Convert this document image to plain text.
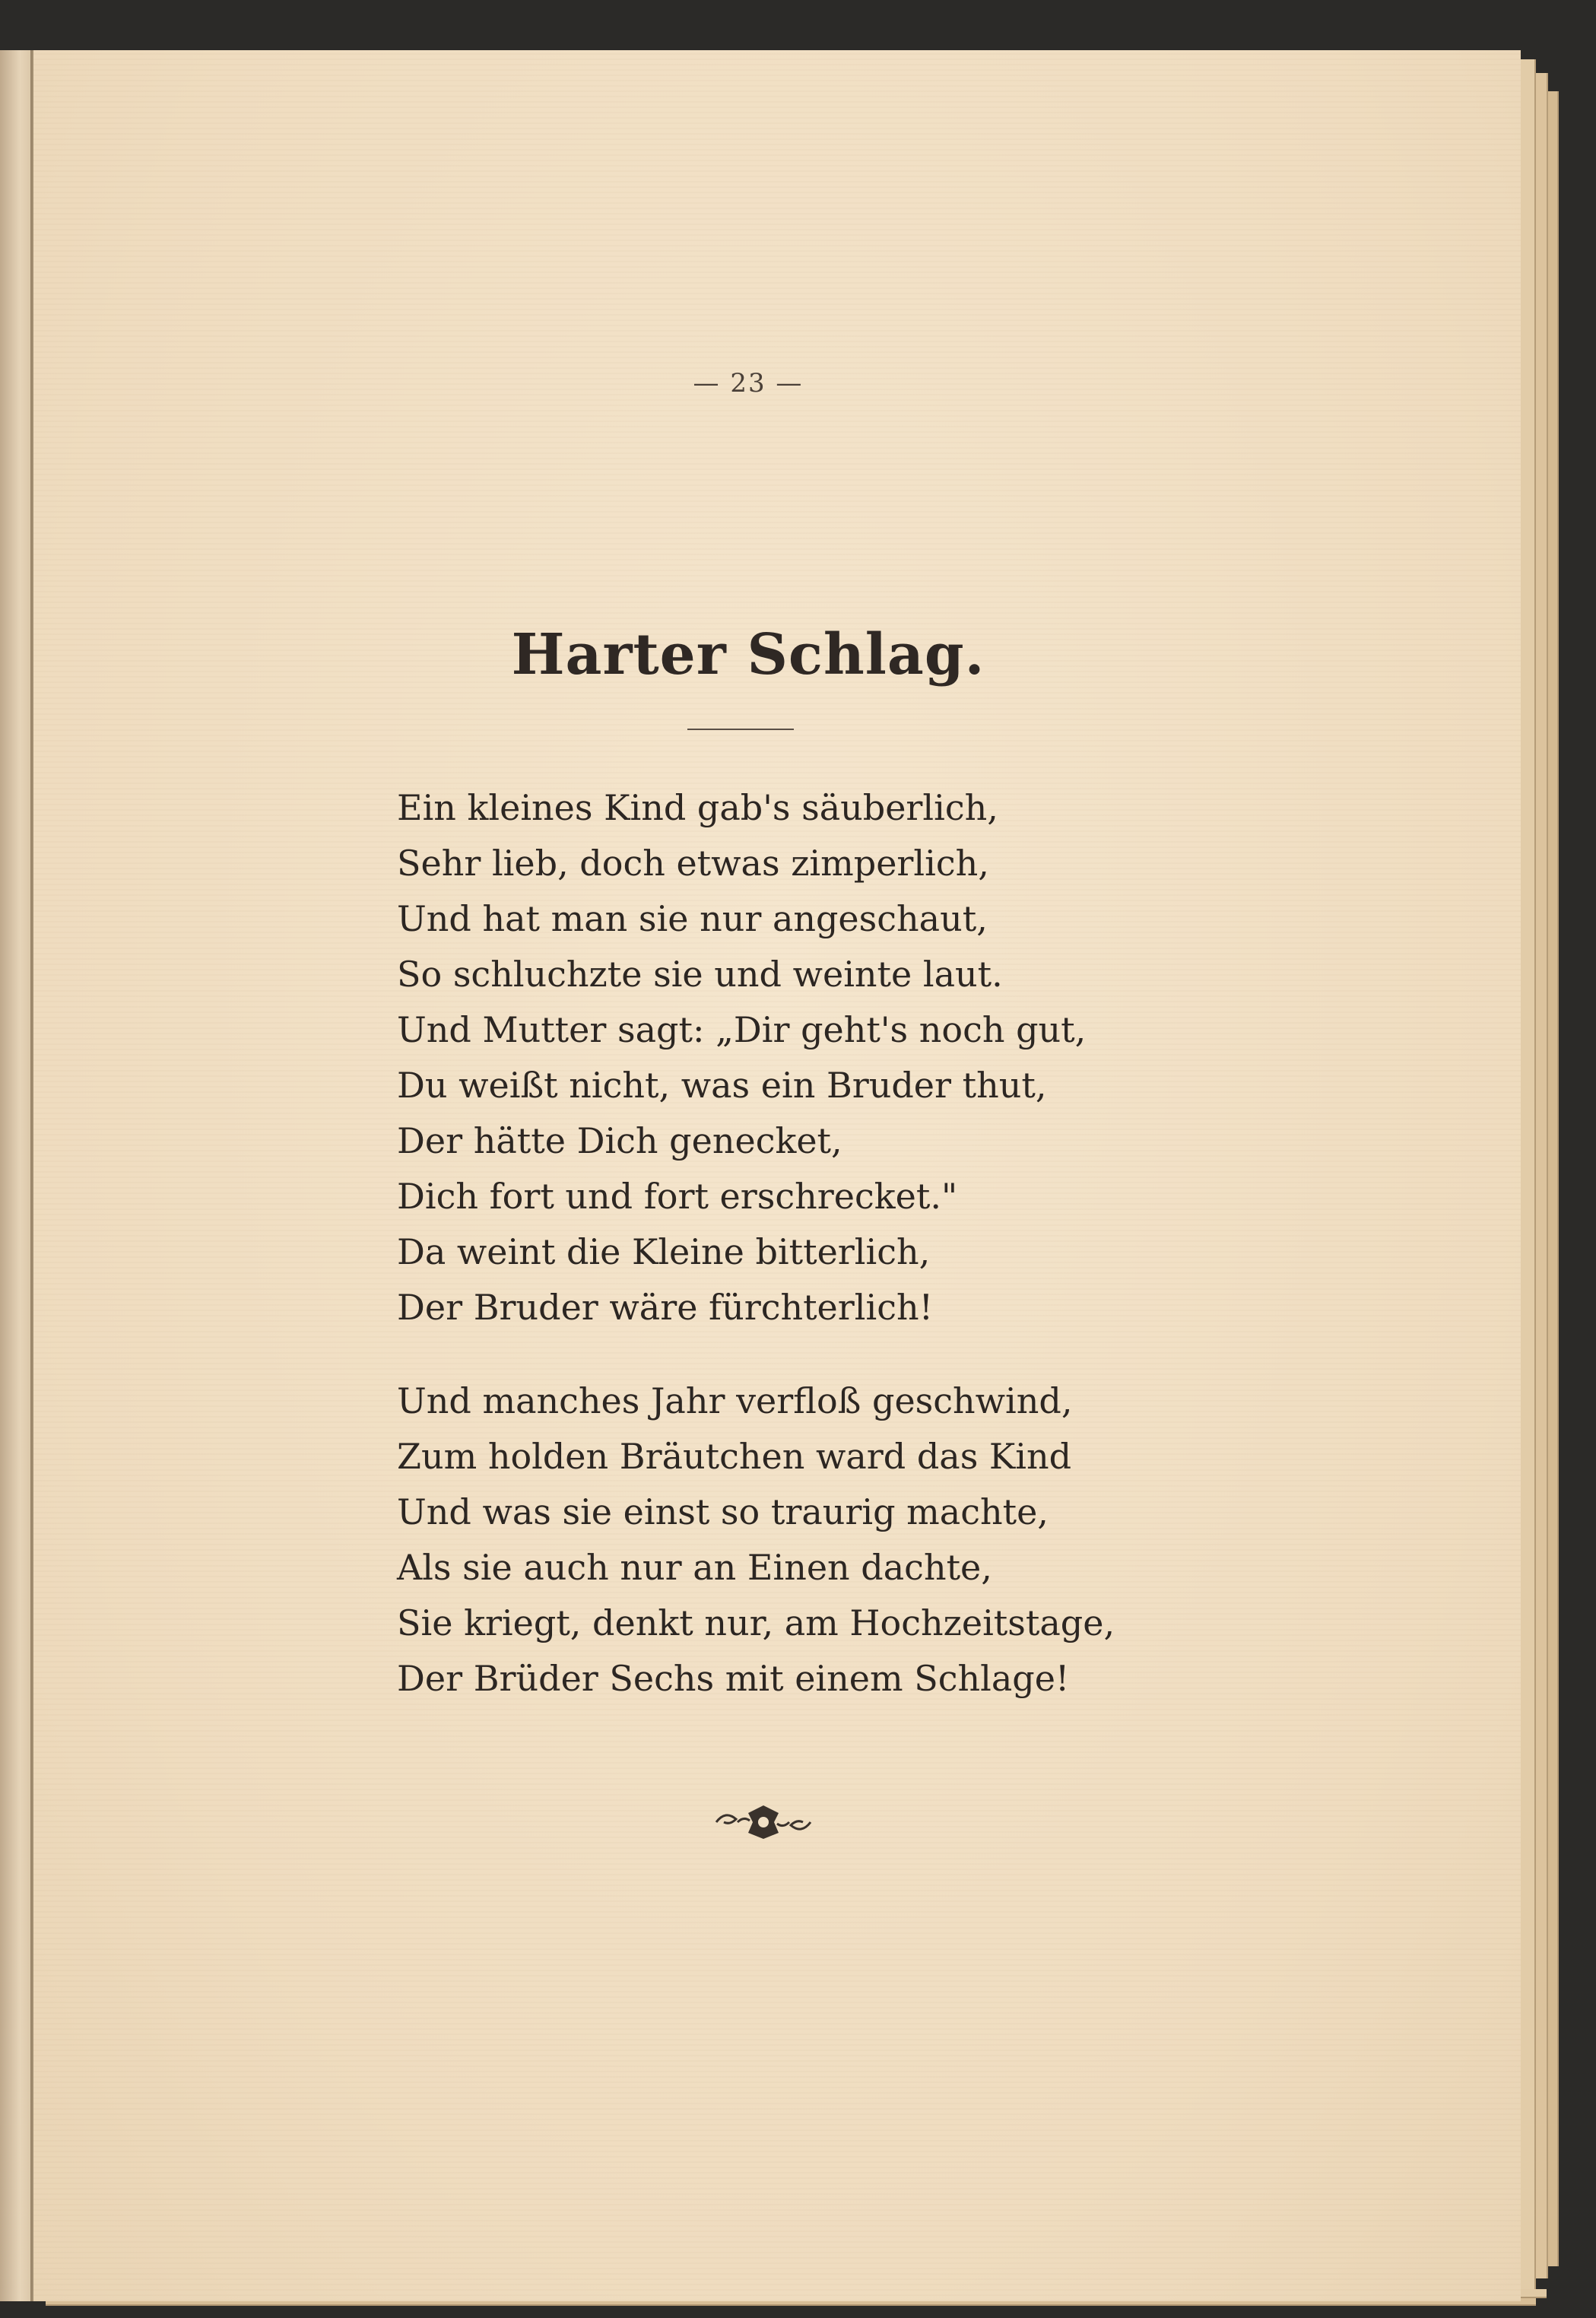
— 23 —
Harter Schlag.
Ein kleines Kind gab's säuberlich,
Sehr lieb, doch etwas zimperlich,
Und hat man sie nur angeschaut,
So schluchzte sie und weinte laut.
Und Mutter sagt: „Dir geht's noch gut,
Du weißt nicht, was ein Bruder thut,
Der hätte Dich genecket,
Dich fort und fort erschrecket."
Da weint die Kleine bitterlich,
Der Bruder wäre fürchterlich!
Und manches Jahr verfloß geschwind,
Zum holden Bräutchen ward das Kind
Und was sie einst so traurig machte,
Als sie auch nur an Einen dachte,
Sie kriegt, denkt nur, am Hochzeitstage,
Der Brüder Sechs mit einem Schlage!
